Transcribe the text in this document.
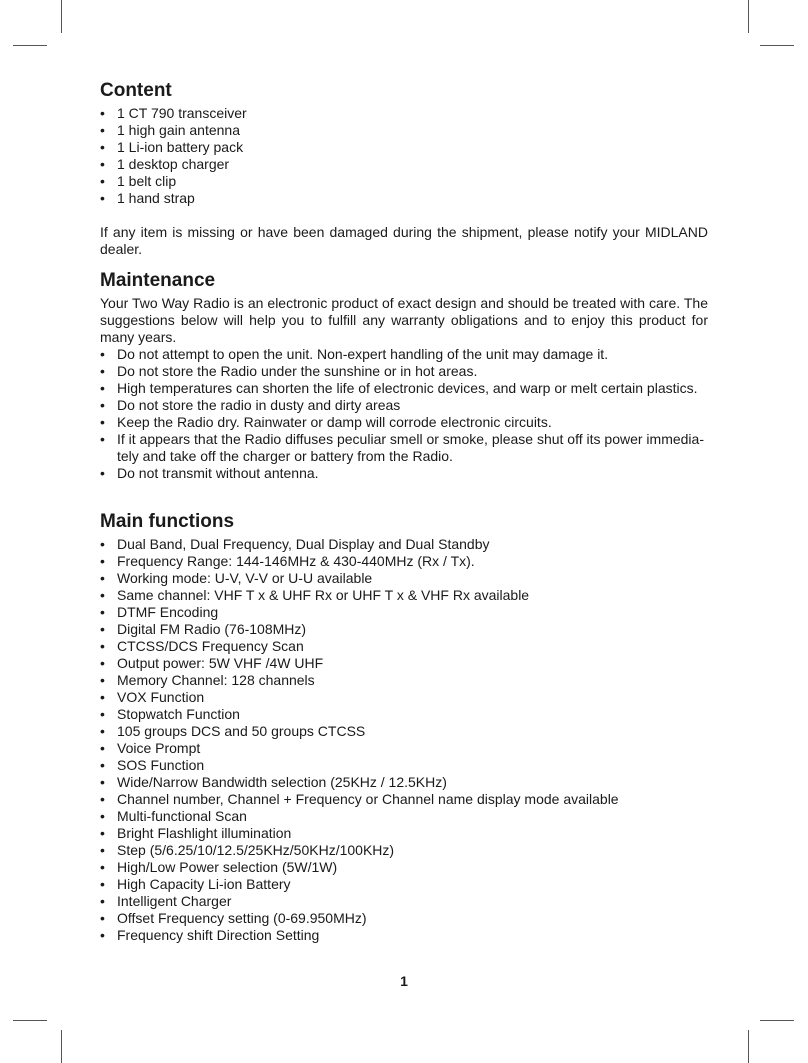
Content
• 1 CT 790 transceiver
• 1 high gain antenna
• 1 Li-ion battery pack
• 1 desktop charger
• 1 belt clip
• 1 hand strap

If any item is missing or have been damaged during the shipment, please notify your MIDLAND dealer.

Maintenance

Your Two Way Radio is an electronic product of exact design and should be treated with care. The suggestions below will help you to fulfill any warranty obligations and to enjoy this product for many years.

• Do not attempt to open the unit. Non-expert handling of the unit may damage it.
• Do not store the Radio under the sunshine or in hot areas.
• High temperatures can shorten the life of electronic devices, and warp or melt certain plastics.
• Do not store the radio in dusty and dirty areas
• Keep the Radio dry. Rainwater or damp will corrode electronic circuits.
• If it appears that the Radio diffuses peculiar smell or smoke, please shut off its power immedia-tely and take off the charger or battery from the Radio.
• Do not transmit without antenna.
Main functions
• Dual Band, Dual Frequency, Dual Display and Dual Standby
• Frequency Range: 144-146MHz & 430-440MHz (Rx / Tx).
• Working mode: U-V, V-V or U-U available
• Same channel: VHF T x & UHF Rx or UHF T x & VHF Rx available
• DTMF Encoding
• Digital FM Radio (76-108MHz)
• CTCSS/DCS Frequency Scan
• Output power: 5W VHF /4W UHF
• Memory Channel: 128 channels
• VOX Function
• Stopwatch Function
• 105 groups DCS and 50 groups CTCSS
• Voice Prompt
• SOS Function
• Wide/Narrow Bandwidth selection (25KHz / 12.5KHz)
• Channel number, Channel + Frequency or Channel name display mode available
• Multi-functional Scan
• Bright Flashlight illumination
• Step (5/6.25/10/12.5/25KHz/50KHz/100KHz)
• High/Low Power selection (5W/1W)
• High Capacity Li-ion Battery
• Intelligent Charger
• Offset Frequency setting (0-69.950MHz)
• Frequency shift Direction Setting
1
